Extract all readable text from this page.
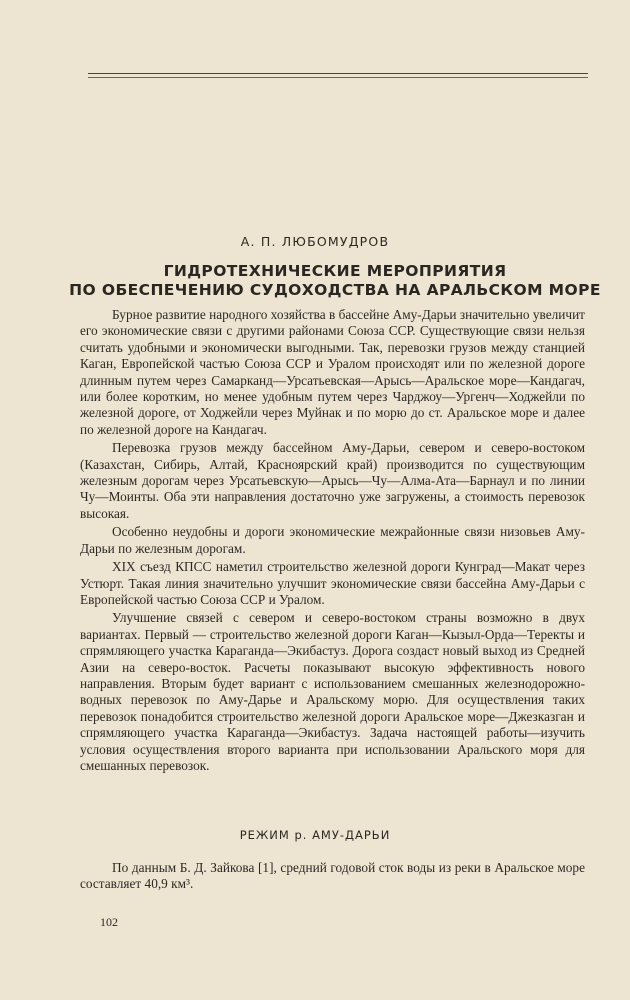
А. П. ЛЮБОМУДРОВ
ГИДРОТЕХНИЧЕСКИЕ МЕРОПРИЯТИЯ
ПО ОБЕСПЕЧЕНИЮ СУДОХОДСТВА НА АРАЛЬСКОМ МОРЕ

Бурное развитие народного хозяйства в бассейне Аму-Дарьи значительно увеличит его экономические связи с другими районами Союза ССР. Существующие связи нельзя считать удобными и экономически выгодными. Так, перевозки грузов между станцией Каган, Европейской частью Союза ССР и Уралом происходят или по железной дороге длинным путем через Самарканд—Урсатьевская—Арысь—Аральское море—Кандагач, или более коротким, но менее удобным путем через Чарджоу—Ургенч—Ходжейли по железной дороге, от Ходжейли через Муйнак и по морю до ст. Аральское море и далее по железной дороге на Кандагач.

Перевозка грузов между бассейном Аму-Дарьи, севером и северо-востоком (Казахстан, Сибирь, Алтай, Красноярский край) производится по существующим железным дорогам через Урсатьевскую—Арысь—Чу—Алма-Ата—Барнаул и по линии Чу—Моинты. Оба эти направления достаточно уже загружены, а стоимость перевозок высокая.

Особенно неудобны и дороги экономические межрайонные связи низовьев Аму-Дарьи по железным дорогам.

XIX съезд КПСС наметил строительство железной дороги Кунград—Макат через Устюрт. Такая линия значительно улучшит экономические связи бассейна Аму-Дарьи с Европейской частью Союза ССР и Уралом.

Улучшение связей с севером и северо-востоком страны возможно в двух вариантах. Первый — строительство железной дороги Каган—Кызыл-Орда—Теректы и спрямляющего участка Караганда—Экибастуз. Дорога создаст новый выход из Средней Азии на северо-восток. Расчеты показывают высокую эффективность нового направления. Вторым будет вариант с использованием смешанных железнодорожно-водных перевозок по Аму-Дарье и Аральскому морю. Для осуществления таких перевозок понадобится строительство железной дороги Аральское море—Джезказган и спрямляющего участка Караганда—Экибастуз. Задача настоящей работы—изучить условия осуществления второго варианта при использовании Аральского моря для смешанных перевозок.

РЕЖИМ р. АМУ-ДАРЬИ

По данным Б. Д. Зайкова [1], средний годовой сток воды из реки в Аральское море составляет 40,9 км³.

102
